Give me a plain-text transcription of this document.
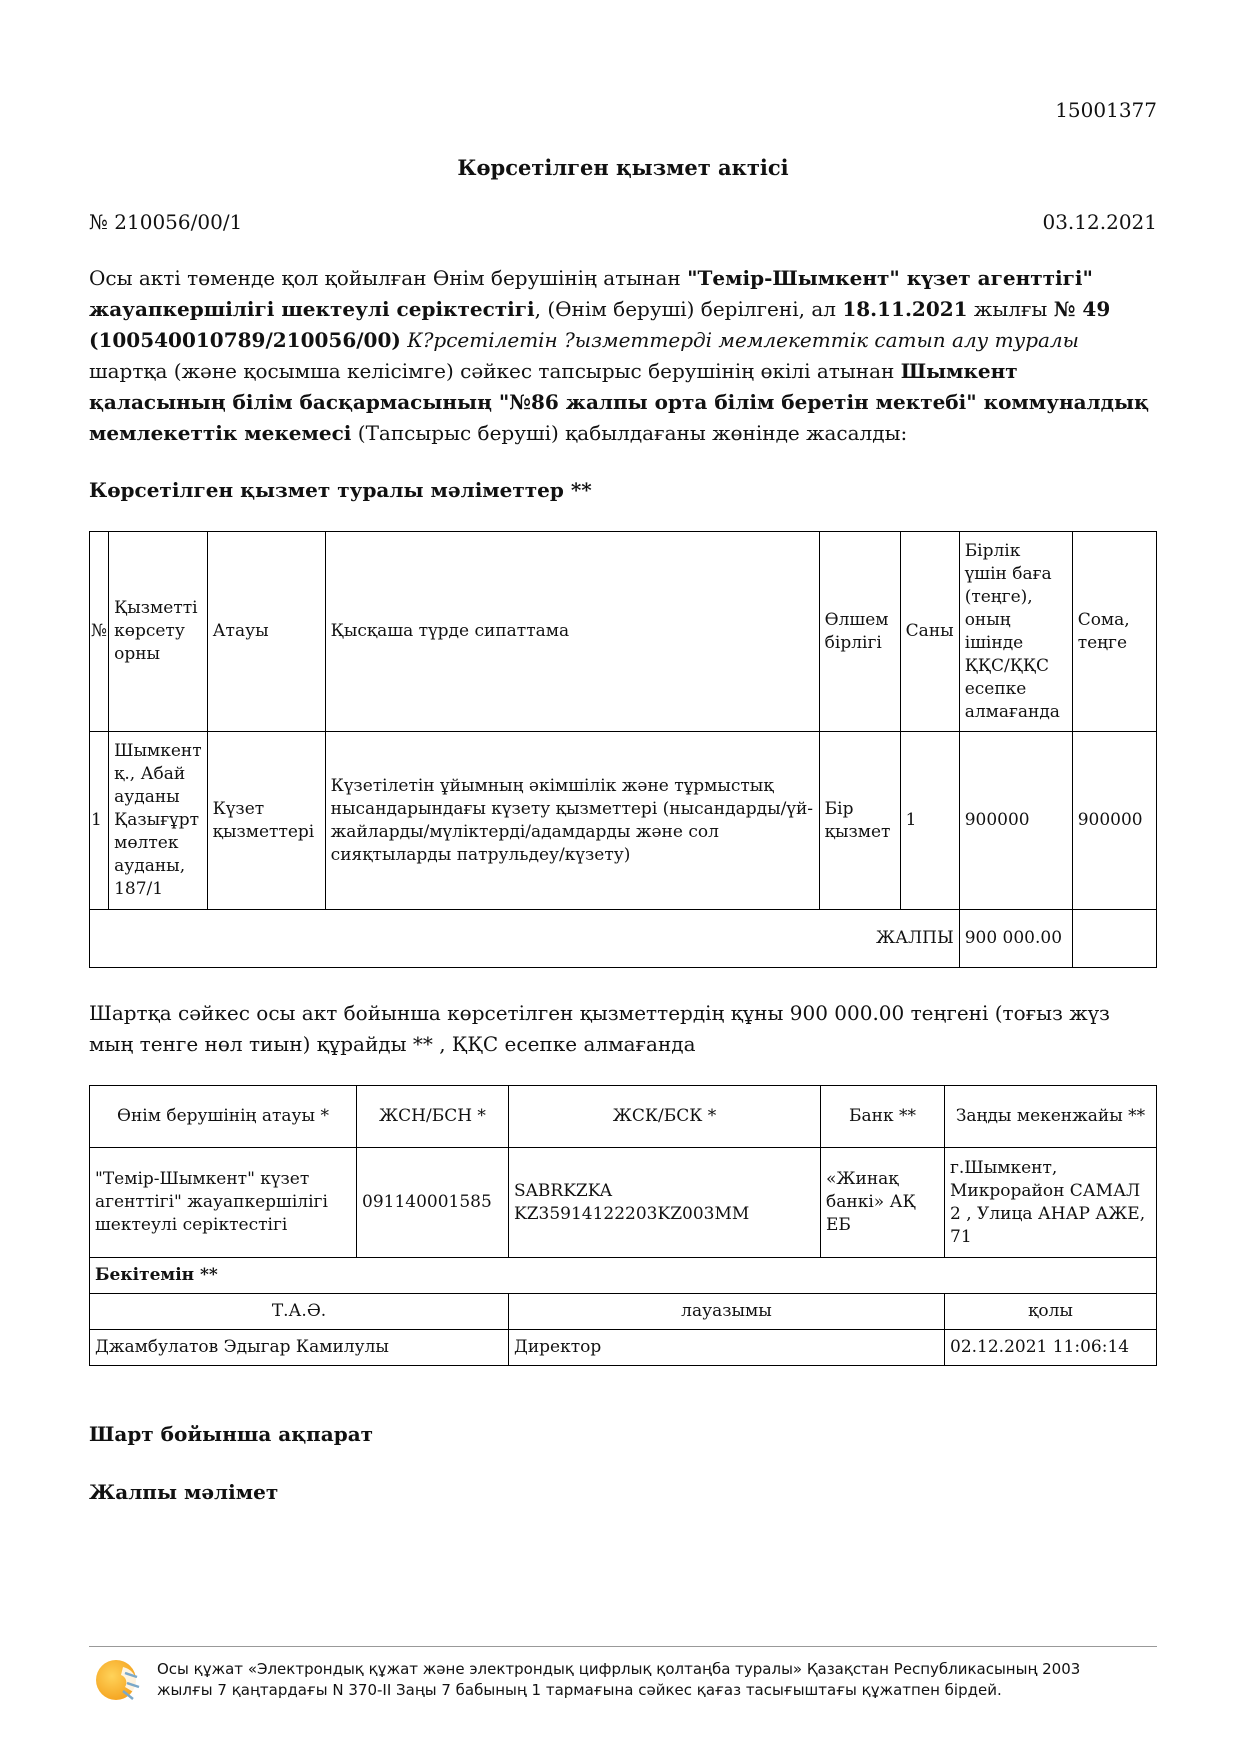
15001377
Көрсетілген қызмет актісі
№ 210056/00/1	03.12.2021
Осы акті төменде қол қойылған Өнім берушінің атынан "Темір-Шымкент" күзет агенттігі" жауапкершілігі шектеулі серіктестігі, (Өнім беруші) берілгені, ал 18.11.2021 жылғы № 49 (100540010789/210056/00) К?рсетілетін ?ызметтерді мемлекеттік сатып алу туралы шартқа (және қосымша келісімге) сәйкес тапсырыс берушінің өкілі атынан Шымкент қаласының білім басқармасының "№86 жалпы орта білім беретін мектебі" коммуналдық мемлекеттік мекемесі (Тапсырыс беруші) қабылдағаны жөнінде жасалды:
Көрсетілген қызмет туралы мәліметтер **
№	Қызметті көрсету орны	Атауы	Қысқаша түрде сипаттама	Өлшем бірлігі	Саны	Бірлік үшін баға (теңге), оның ішінде ҚҚС/ҚҚС есепке алмағанда	Сома, теңге
1	Шымкент қ., Абай ауданы Қазығұрт мөлтек ауданы, 187/1	Күзет қызметтері	Күзетілетін ұйымның әкімшілік және тұрмыстық нысандарындағы күзету қызметтері (нысандарды/үй-жайларды/мүліктерді/адамдарды және сол сияқтыларды патрульдеу/күзету)	Бір қызмет	1	900000	900000
ЖАЛПЫ						900 000.00	
Шартқа сәйкес осы акт бойынша көрсетілген қызметтердің құны 900 000.00 теңгені (тоғыз жүз мың тенге нөл тиын) құрайды ** , ҚҚС есепке алмағанда
Өнім берушінің атауы *	ЖСН/БСН *	ЖСК/БСК *	Банк **	Заңды мекенжайы **
"Темір-Шымкент" күзет агенттігі" жауапкершілігі шектеулі серіктестігі	091140001585	SABRKZKA KZ35914122203KZ003MM	«Жинақ банкі» АҚ ЕБ	г.Шымкент, Микрорайон САМАЛ 2 , Улица АНАР АЖЕ, 71
Бекітемін **				
Т.А.Ә.		лауазымы		қолы
Джамбулатов Эдыгар Камилулы		Директор		02.12.2021 11:06:14
Шарт бойынша ақпарат
Жалпы мәлімет
Осы құжат «Электрондық құжат және электрондық цифрлық қолтаңба туралы» Қазақстан Республикасының 2003
жылғы 7 қаңтардағы N 370-II Заңы 7 бабының 1 тармағына сәйкес қағаз тасығыштағы құжатпен бірдей.
